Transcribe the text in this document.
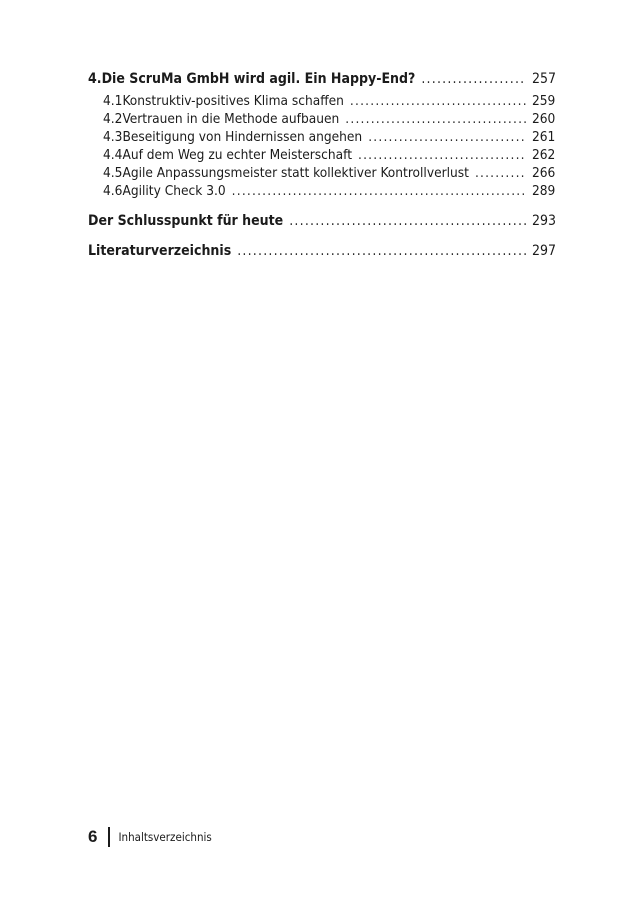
4. Die ScruMa GmbH wird agil. Ein Happy-End? .....	257
4.1 Konstruktiv-positives Klima schaffen .....	259
4.2 Vertrauen in die Methode aufbauen .....	260
4.3 Beseitigung von Hindernissen angehen .....	261
4.4 Auf dem Weg zu echter Meisterschaft .....	262
4.5 Agile Anpassungsmeister statt kollektiver Kontrollverlust .....	266
4.6 Agility Check 3.0 .....	289
Der Schlusspunkt für heute .....	293
Literaturverzeichnis .....	297
6 Inhaltsverzeichnis
